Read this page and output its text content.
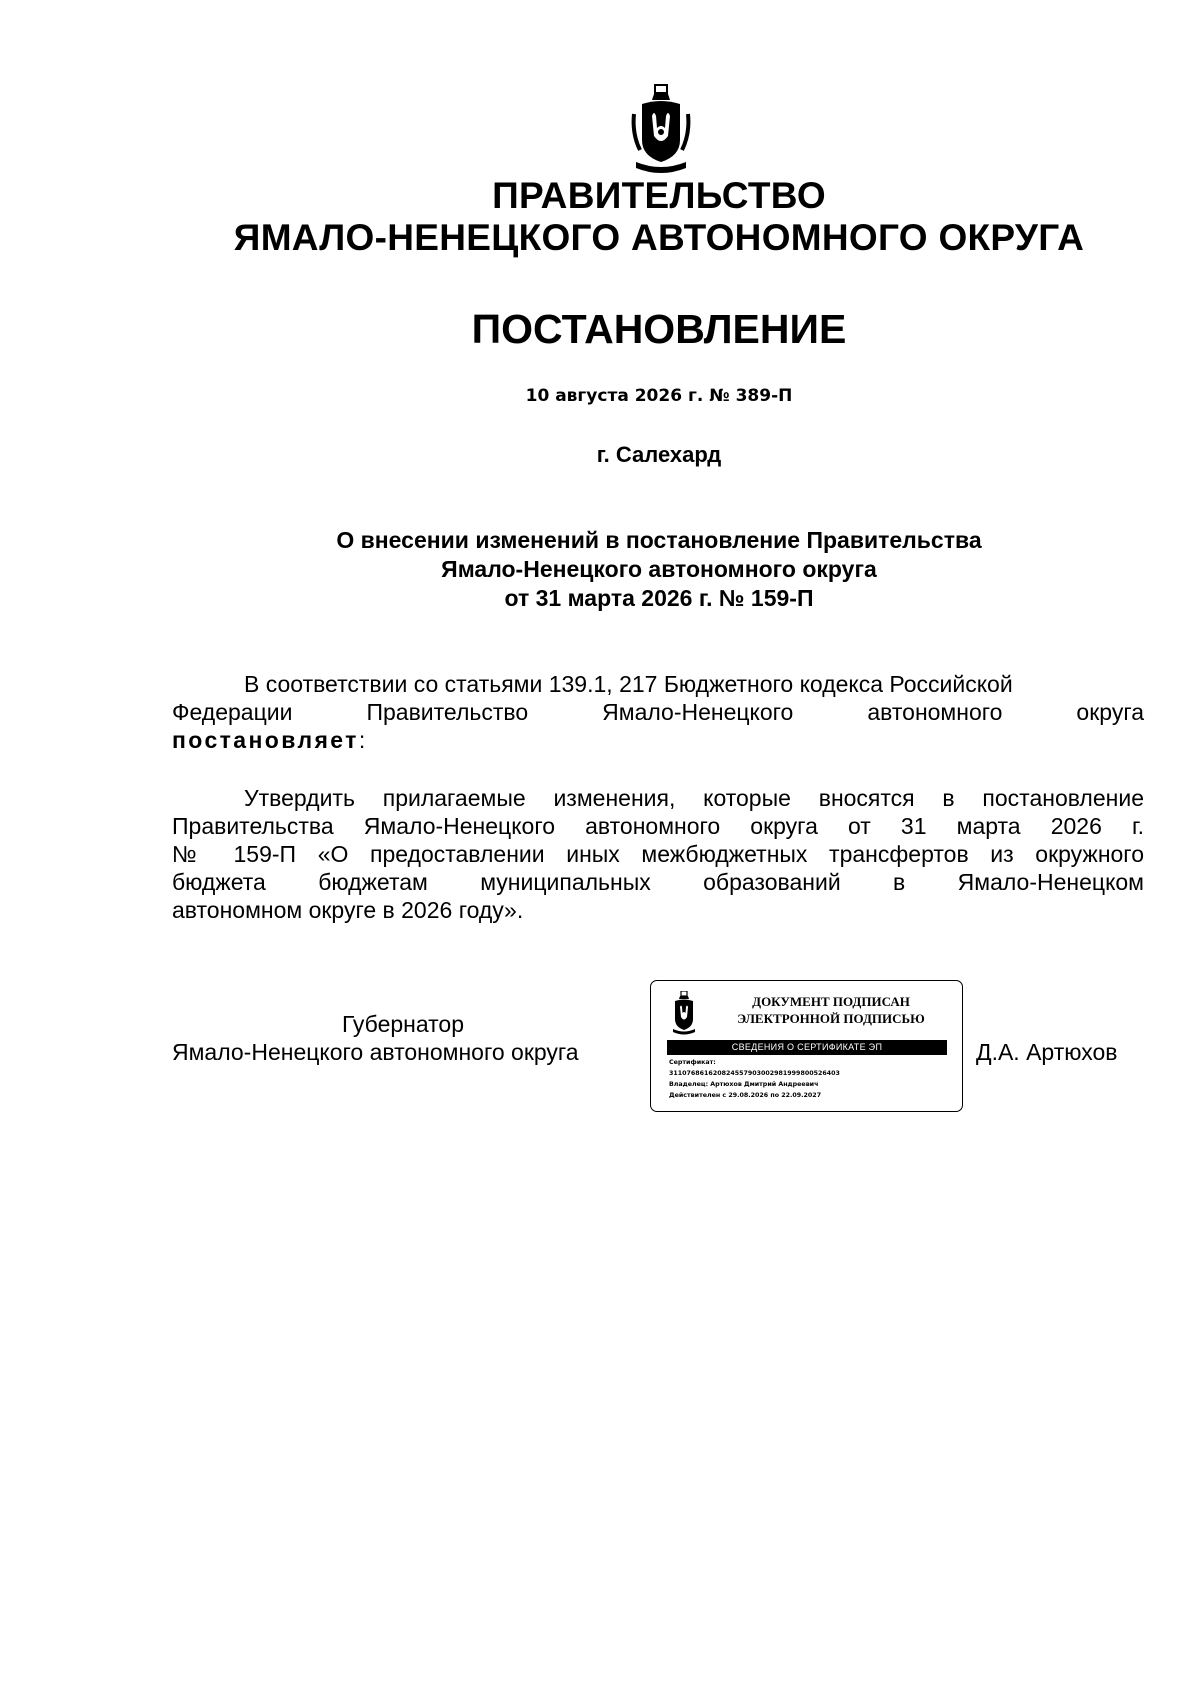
ПРАВИТЕЛЬСТВО
ЯМАЛО-НЕНЕЦКОГО АВТОНОМНОГО ОКРУГА
ПОСТАНОВЛЕНИЕ
10 августа 2026 г. № 389-П
г. Салехард
О внесении изменений в постановление Правительства
Ямало-Ненецкого автономного округа
от 31 марта 2026 г. № 159-П
В соответствии со статьями 139.1, 217 Бюджетного кодекса Российской
Федерации Правительство Ямало-Ненецкого автономного округа
постановляет:
Утвердить прилагаемые изменения, которые вносятся в постановление
Правительства Ямало-Ненецкого автономного округа от 31 марта 2026 г.
№ 159-П «О предоставлении иных межбюджетных трансфертов из окружного
бюджета бюджетам муниципальных образований в Ямало-Ненецком
автономном округе в 2026 году».
Губернатор
Ямало-Ненецкого автономного округа
ДОКУМЕНТ ПОДПИСАН
ЭЛЕКТРОННОЙ ПОДПИСЬЮ
СВЕДЕНИЯ О СЕРТИФИКАТЕ ЭП
Сертификат:
311076861620824557903002981999800526403
Владелец: Артюхов Дмитрий Андреевич
Действителен с 29.08.2026 по 22.09.2027
Д.А. Артюхов
